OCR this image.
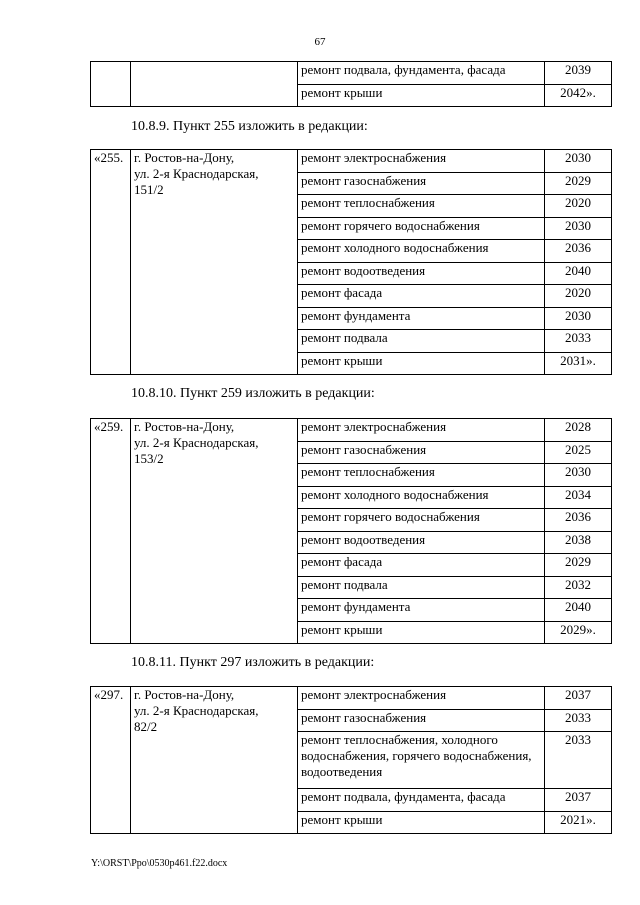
67
		ремонт подвала, фундамента, фасада	2039
		ремонт крыши	2042».
10.8.9. Пункт 255 изложить в редакции:
«255.	г. Ростов-на-Дону,
ул. 2-я Краснодарская,
151/2	ремонт электроснабжения	2030
		ремонт газоснабжения	2029
		ремонт теплоснабжения	2020
		ремонт горячего водоснабжения	2030
		ремонт холодного водоснабжения	2036
		ремонт водоотведения	2040
		ремонт фасада	2020
		ремонт фундамента	2030
		ремонт подвала	2033
		ремонт крыши	2031».
10.8.10. Пункт 259 изложить в редакции:
«259.	г. Ростов-на-Дону,
ул. 2-я Краснодарская,
153/2	ремонт электроснабжения	2028
		ремонт газоснабжения	2025
		ремонт теплоснабжения	2030
		ремонт холодного водоснабжения	2034
		ремонт горячего водоснабжения	2036
		ремонт водоотведения	2038
		ремонт фасада	2029
		ремонт подвала	2032
		ремонт фундамента	2040
		ремонт крыши	2029».
10.8.11. Пункт 297 изложить в редакции:
«297.	г. Ростов-на-Дону,
ул. 2-я Краснодарская,
82/2	ремонт электроснабжения	2037
		ремонт газоснабжения	2033
		ремонт теплоснабжения, холодного водоснабжения, горячего водоснабжения, водоотведения	2033
		ремонт подвала, фундамента, фасада	2037
		ремонт крыши	2021».
Y:\ORST\Ppo\0530p461.f22.docx
